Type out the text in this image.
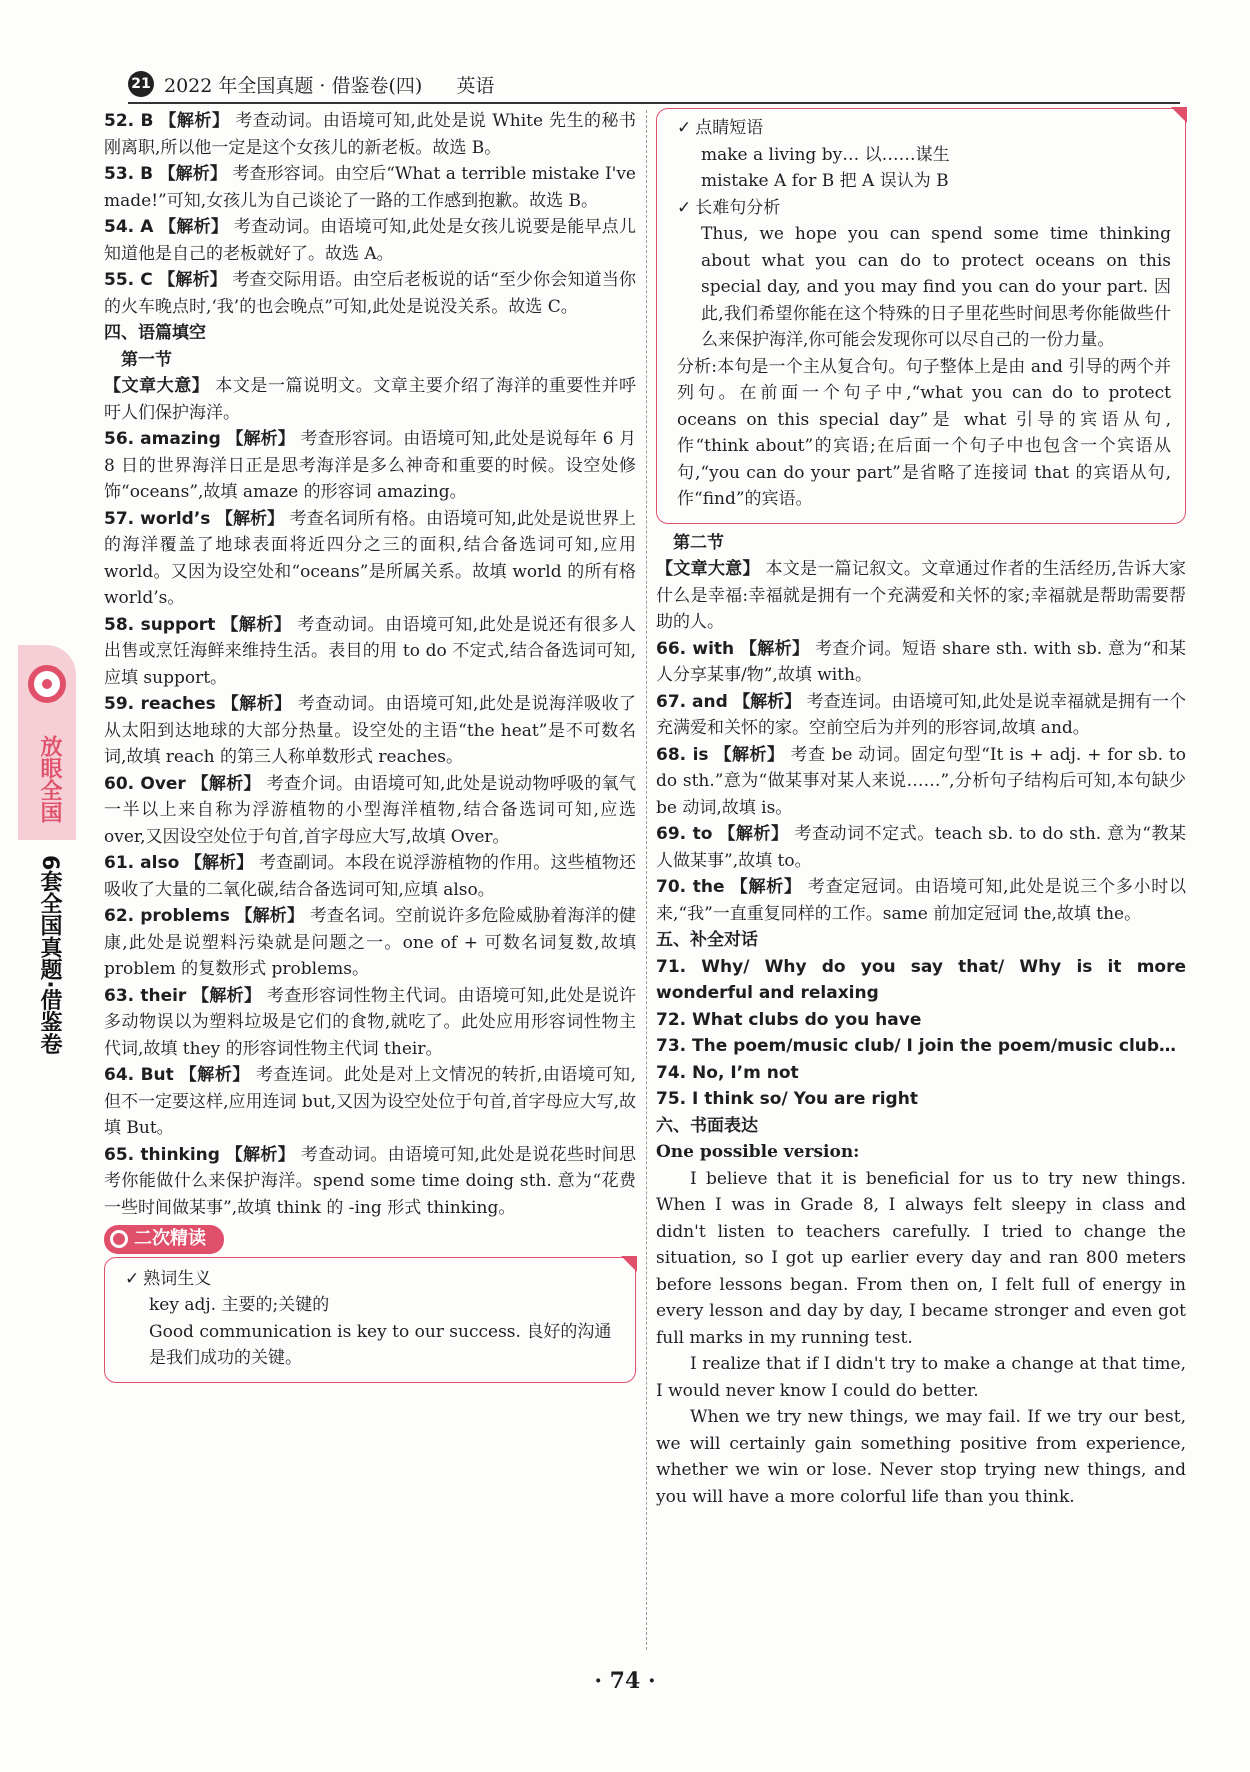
21 2022 年全国真题 · 借鉴卷(四) 英语
放眼全国
6套全国真题·借鉴卷

52. B 【解析】 考查动词。由语境可知,此处是说 White 先生的秘书刚离职,所以他一定是这个女孩儿的新老板。故选 B。

53. B 【解析】 考查形容词。由空后“What a terrible mistake I've made!”可知,女孩儿为自己谈论了一路的工作感到抱歉。故选 B。

54. A 【解析】 考查动词。由语境可知,此处是女孩儿说要是能早点儿知道他是自己的老板就好了。故选 A。

55. C 【解析】 考查交际用语。由空后老板说的话“至少你会知道当你的火车晚点时,‘我’的也会晚点”可知,此处是说没关系。故选 C。

四、语篇填空

第一节

【文章大意】 本文是一篇说明文。文章主要介绍了海洋的重要性并呼吁人们保护海洋。

56. amazing 【解析】 考查形容词。由语境可知,此处是说每年 6 月 8 日的世界海洋日正是思考海洋是多么神奇和重要的时候。设空处修饰“oceans”,故填 amaze 的形容词 amazing。

57. world’s 【解析】 考查名词所有格。由语境可知,此处是说世界上的海洋覆盖了地球表面将近四分之三的面积,结合备选词可知,应用 world。又因为设空处和“oceans”是所属关系。故填 world 的所有格 world’s。

58. support 【解析】 考查动词。由语境可知,此处是说还有很多人出售或烹饪海鲜来维持生活。表目的用 to do 不定式,结合备选词可知,应填 support。

59. reaches 【解析】 考查动词。由语境可知,此处是说海洋吸收了从太阳到达地球的大部分热量。设空处的主语“the heat”是不可数名词,故填 reach 的第三人称单数形式 reaches。

60. Over 【解析】 考查介词。由语境可知,此处是说动物呼吸的氧气一半以上来自称为浮游植物的小型海洋植物,结合备选词可知,应选 over,又因设空处位于句首,首字母应大写,故填 Over。

61. also 【解析】 考查副词。本段在说浮游植物的作用。这些植物还吸收了大量的二氧化碳,结合备选词可知,应填 also。

62. problems 【解析】 考查名词。空前说许多危险威胁着海洋的健康,此处是说塑料污染就是问题之一。one of + 可数名词复数,故填 problem 的复数形式 problems。

63. their 【解析】 考查形容词性物主代词。由语境可知,此处是说许多动物误以为塑料垃圾是它们的食物,就吃了。此处应用形容词性物主代词,故填 they 的形容词性物主代词 their。

64. But 【解析】 考查连词。此处是对上文情况的转折,由语境可知,但不一定要这样,应用连词 but,又因为设空处位于句首,首字母应大写,故填 But。

65. thinking 【解析】 考查动词。由语境可知,此处是说花些时间思考你能做什么来保护海洋。spend some time doing sth. 意为“花费一些时间做某事”,故填 think 的 -ing 形式 thinking。

二次精读

✓ 熟词生义

key adj. 主要的;关键的

Good communication is key to our success. 良好的沟通是我们成功的关键。

✓ 点睛短语

make a living by… 以……谋生

mistake A for B 把 A 误认为 B

✓ 长难句分析

Thus, we hope you can spend some time thinking about what you can do to protect oceans on this special day, and you may find you can do your part. 因此,我们希望你能在这个特殊的日子里花些时间思考你能做些什么来保护海洋,你可能会发现你可以尽自己的一份力量。

分析:本句是一个主从复合句。句子整体上是由 and 引导的两个并列句。在前面一个句子中,“what you can do to protect oceans on this special day”是 what 引导的宾语从句,作“think about”的宾语;在后面一个句子中也包含一个宾语从句,“you can do your part”是省略了连接词 that 的宾语从句,作“find”的宾语。

第二节

【文章大意】 本文是一篇记叙文。文章通过作者的生活经历,告诉大家什么是幸福:幸福就是拥有一个充满爱和关怀的家;幸福就是帮助需要帮助的人。

66. with 【解析】 考查介词。短语 share sth. with sb. 意为“和某人分享某事/物”,故填 with。

67. and 【解析】 考查连词。由语境可知,此处是说幸福就是拥有一个充满爱和关怀的家。空前空后为并列的形容词,故填 and。

68. is 【解析】 考查 be 动词。固定句型“It is + adj. + for sb. to do sth.”意为“做某事对某人来说……”,分析句子结构后可知,本句缺少 be 动词,故填 is。

69. to 【解析】 考查动词不定式。teach sb. to do sth. 意为“教某人做某事”,故填 to。

70. the 【解析】 考查定冠词。由语境可知,此处是说三个多小时以来,“我”一直重复同样的工作。same 前加定冠词 the,故填 the。

五、补全对话

71. Why/ Why do you say that/ Why is it more wonderful and relaxing

72. What clubs do you have

73. The poem/music club/ I join the poem/music club…

74. No, I’m not

75. I think so/ You are right

六、书面表达

One possible version:

I believe that it is beneficial for us to try new things. When I was in Grade 8, I always felt sleepy in class and didn't listen to teachers carefully. I tried to change the situation, so I got up earlier every day and ran 800 meters before lessons began. From then on, I felt full of energy in every lesson and day by day, I became stronger and even got full marks in my running test.

I realize that if I didn't try to make a change at that time, I would never know I could do better.

When we try new things, we may fail. If we try our best, we will certainly gain something positive from experience, whether we win or lose. Never stop trying new things, and you will have a more colorful life than you think.

· 74 ·
